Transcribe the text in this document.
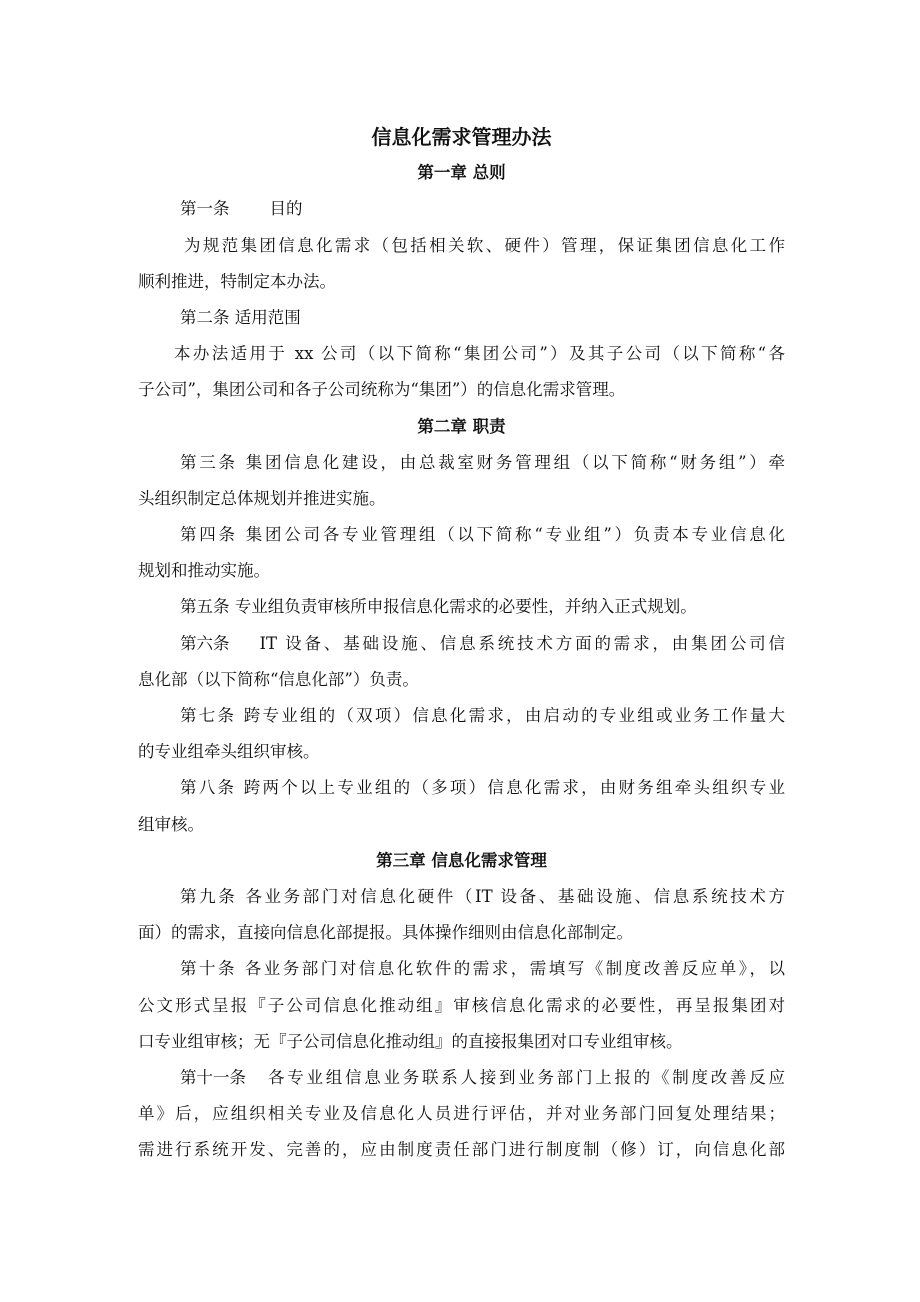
信息化需求管理办法
第一章 总则
第一条 目的
为规范集团信息化需求（包括相关软、硬件）管理，保证集团信息化工作
顺利推进，特制定本办法。
第二条 适用范围
本办法适用于 xx 公司（以下简称“集团公司”）及其子公司（以下简称“各
子公司”，集团公司和各子公司统称为“集团”）的信息化需求管理。
第二章 职责
第三条 集团信息化建设，由总裁室财务管理组（以下简称“财务组”）牵
头组织制定总体规划并推进实施。
第四条 集团公司各专业管理组（以下简称“专业组”）负责本专业信息化
规划和推动实施。
第五条 专业组负责审核所申报信息化需求的必要性，并纳入正式规划。
第六条	IT 设备、基础设施、信息系统技术方面的需求，由集团公司信
息化部（以下简称“信息化部”）负责。
第七条 跨专业组的（双项）信息化需求，由启动的专业组或业务工作量大
的专业组牵头组织审核。
第八条 跨两个以上专业组的（多项）信息化需求，由财务组牵头组织专业
组审核。
第三章 信息化需求管理
第九条 各业务部门对信息化硬件（IT 设备、基础设施、信息系统技术方
面）的需求，直接向信息化部提报。具体操作细则由信息化部制定。
第十条 各业务部门对信息化软件的需求，需填写《制度改善反应单》，以
公文形式呈报『子公司信息化推动组』审核信息化需求的必要性，再呈报集团对
口专业组审核；无『子公司信息化推动组』的直接报集团对口专业组审核。
第十一条	各专业组信息业务联系人接到业务部门上报的《制度改善反应
单》后，应组织相关专业及信息化人员进行评估，并对业务部门回复处理结果；
需进行系统开发、完善的，应由制度责任部门进行制度制（修）订，向信息化部
